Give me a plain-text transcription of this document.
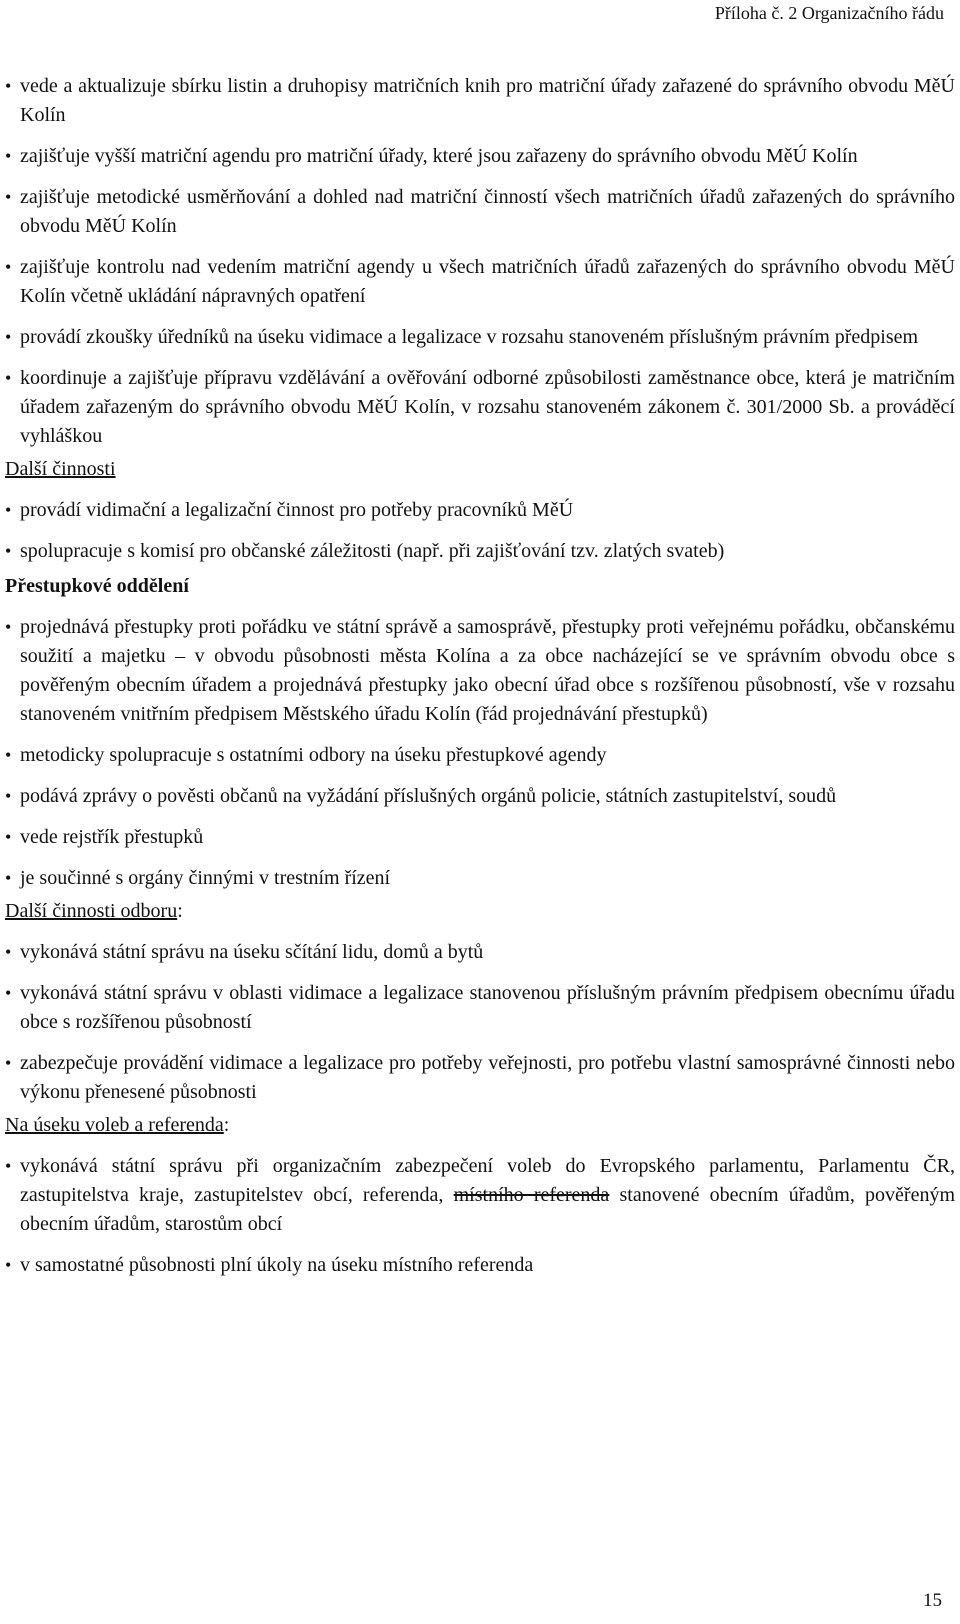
Příloha č. 2 Organizačního řádu
• vede a aktualizuje sbírku listin a druhopisy matričních knih pro matriční úřady zařazené do správního obvodu MěÚ Kolín
• zajišťuje vyšší matriční agendu pro matriční úřady, které jsou zařazeny do správního obvodu MěÚ Kolín
• zajišťuje metodické usměrňování a dohled nad matriční činností všech matričních úřadů zařazených do správního obvodu MěÚ Kolín
• zajišťuje kontrolu nad vedením matriční agendy u všech matričních úřadů zařazených do správního obvodu MěÚ Kolín včetně ukládání nápravných opatření
• provádí zkoušky úředníků na úseku vidimace a legalizace v rozsahu stanoveném příslušným právním předpisem
• koordinuje a zajišťuje přípravu vzdělávání a ověřování odborné způsobilosti zaměstnance obce, která je matričním úřadem zařazeným do správního obvodu MěÚ Kolín, v rozsahu stanoveném zákonem č. 301/2000 Sb. a prováděcí vyhláškou
Další činnosti
• provádí vidimační a legalizační činnost pro potřeby pracovníků MěÚ
• spolupracuje s komisí pro občanské záležitosti (např. při zajišťování tzv. zlatých svateb)
Přestupkové oddělení
• projednává přestupky proti pořádku ve státní správě a samosprávě, přestupky proti veřejnému pořádku, občanskému soužití a majetku – v obvodu působnosti města Kolína a za obce nacházející se ve správním obvodu obce s pověřeným obecním úřadem a projednává přestupky jako obecní úřad obce s rozšířenou působností, vše v rozsahu stanoveném vnitřním předpisem Městského úřadu Kolín (řád projednávání přestupků)
• metodicky spolupracuje s ostatními odbory na úseku přestupkové agendy
• podává zprávy o pověsti občanů na vyžádání příslušných orgánů policie, státních zastupitelství, soudů
• vede rejstřík přestupků
• je součinné s orgány činnými v trestním řízení
Další činnosti odboru:
• vykonává státní správu na úseku sčítání lidu, domů a bytů
• vykonává státní správu v oblasti vidimace a legalizace stanovenou příslušným právním předpisem obecnímu úřadu obce s rozšířenou působností
• zabezpečuje provádění vidimace a legalizace pro potřeby veřejnosti, pro potřebu vlastní samosprávné činnosti nebo výkonu přenesené působnosti
Na úseku voleb a referenda:
• vykonává státní správu při organizačním zabezpečení voleb do Evropského parlamentu, Parlamentu ČR, zastupitelstva kraje, zastupitelstev obcí, referenda, místního referenda stanovené obecním úřadům, pověřeným obecním úřadům, starostům obcí
• v samostatné působnosti plní úkoly na úseku místního referenda
15
